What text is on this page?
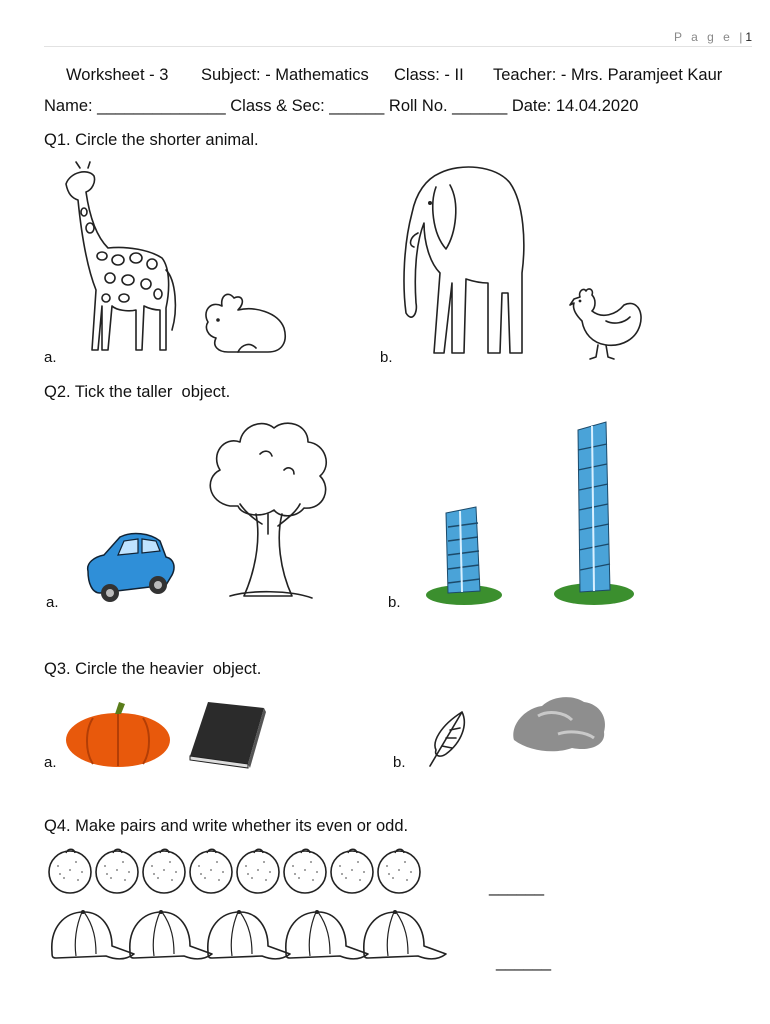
P a g e |1
Worksheet - 3 Subject: - Mathematics Class: - II Teacher: - Mrs. Paramjeet Kaur
Name: ______________ Class & Sec: ______ Roll No. ______ Date: 14.04.2020
Q1. Circle the shorter animal.
a.	b.
Q2. Tick the taller  object.
a.	b.
Q3. Circle the heavier  object.
a.	b.
Q4. Make pairs and write whether its even or odd.
______
______
